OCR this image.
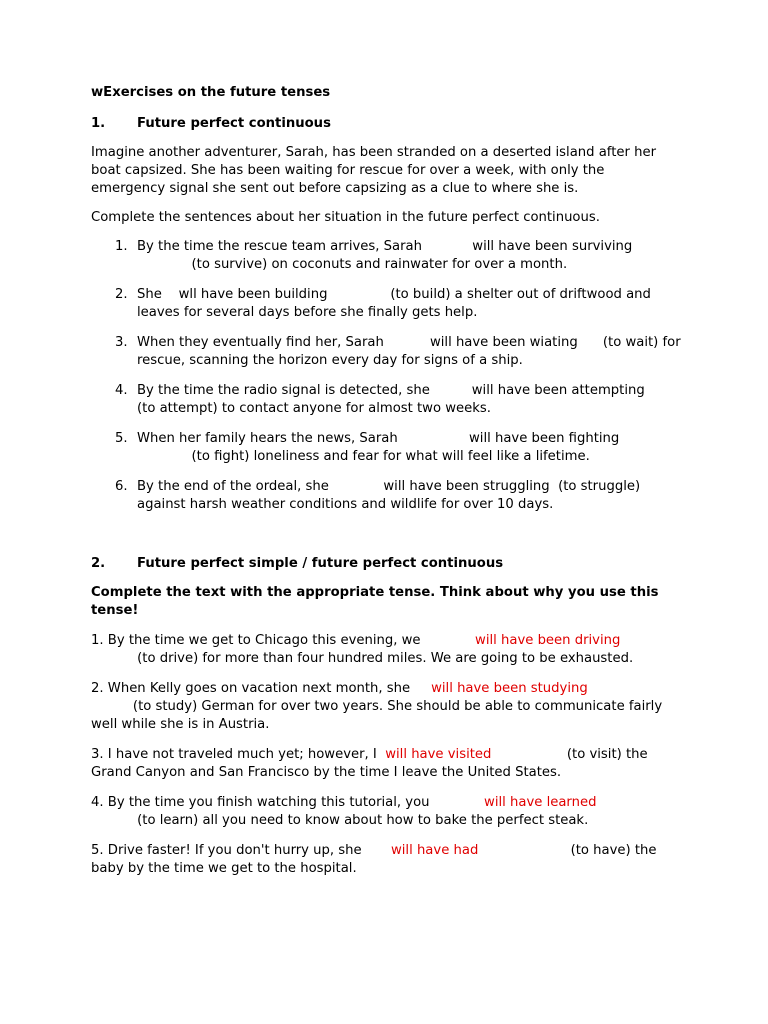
wExercises on the future tenses
1. Future perfect continuous

Imagine another adventurer, Sarah, has been stranded on a deserted island after her boat capsized. She has been waiting for rescue for over a week, with only the emergency signal she sent out before capsizing as a clue to where she is.

Complete the sentences about her situation in the future perfect continuous.

1. By the time the rescue team arrives, Sarah	will have been surviving
(to survive) on coconuts and rainwater for over a month.
2. She wll have been building	(to build) a shelter out of driftwood and leaves for several days before she finally gets help.
3. When they eventually find her, Sarah	will have been wiating (to wait) for rescue, scanning the horizon every day for signs of a ship.
4. By the time the radio signal is detected, she	will have been attempting             (to attempt) to contact anyone for almost two weeks.
5. When her family hears the news, Sarah	will have been fighting
(to fight) loneliness and fear for what will feel like a lifetime.
6. By the end of the ordeal, she	will have been struggling (to struggle) against harsh weather conditions and wildlife for over 10 days.
2. Future perfect simple / future perfect continuous

Complete the text with the appropriate tense. Think about why you use this tense!

1. By the time we get to Chicago this evening, we	will have been driving
(to drive) for more than four hundred miles. We are going to be exhausted.

2. When Kelly goes on vacation next month, she will have been studying
(to study) German for over two years. She should be able to communicate fairly well while she is in Austria.

3. I have not traveled much yet; however, I will have visited	(to visit) the Grand Canyon and San Francisco by the time I leave the United States.

4. By the time you finish watching this tutorial, you	will have learned
(to learn) all you need to know about how to bake the perfect steak.

5. Drive faster! If you don't hurry up, she will have had	(to have) the baby by the time we get to the hospital.
